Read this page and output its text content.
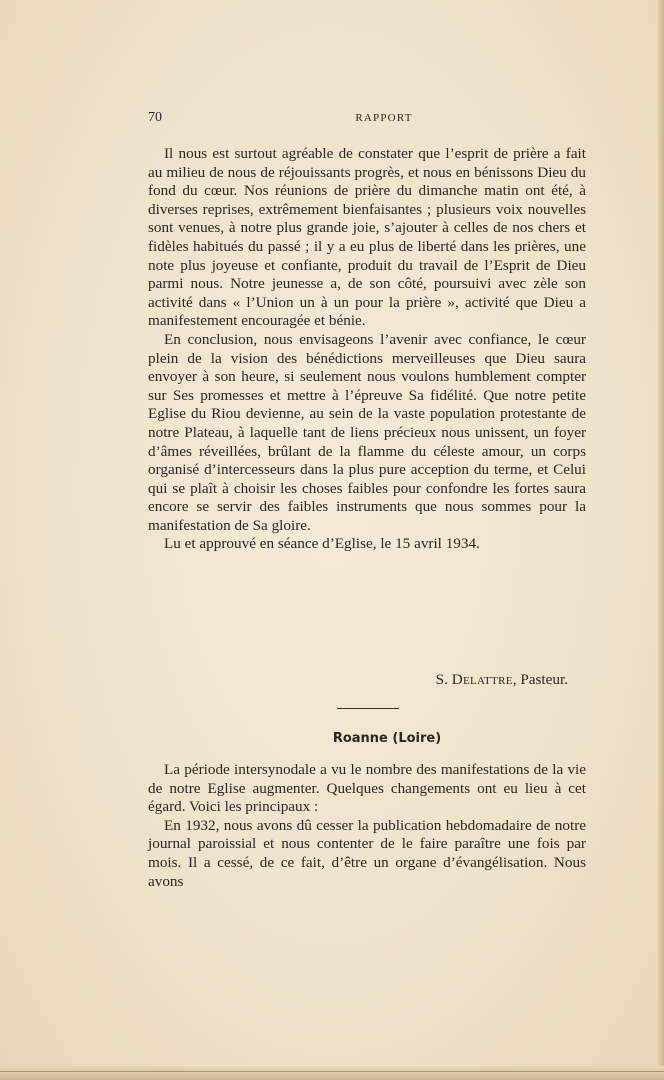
70	RAPPORT

Il nous est surtout agréable de constater que l’esprit de prière a fait au milieu de nous de réjouissants progrès, et nous en bénissons Dieu du fond du cœur. Nos réunions de prière du dimanche matin ont été, à diverses reprises, extrêmement bienfaisantes ; plusieurs voix nouvelles sont venues, à notre plus grande joie, s’ajouter à celles de nos chers et fidèles habitués du passé ; il y a eu plus de liberté dans les prières, une note plus joyeuse et confiante, produit du travail de l’Esprit de Dieu parmi nous. Notre jeunesse a, de son côté, poursuivi avec zèle son activité dans « l’Union un à un pour la prière », activité que Dieu a manifestement encouragée et bénie.

En conclusion, nous envisageons l’avenir avec confiance, le cœur plein de la vision des bénédictions merveilleuses que Dieu saura envoyer à son heure, si seulement nous voulons humblement compter sur Ses promesses et mettre à l’épreuve Sa fidélité. Que notre petite Eglise du Riou devienne, au sein de la vaste population protestante de notre Plateau, à laquelle tant de liens précieux nous unissent, un foyer d’âmes réveillées, brûlant de la flamme du céleste amour, un corps organisé d’intercesseurs dans la plus pure acception du terme, et Celui qui se plaît à choisir les choses faibles pour confondre les fortes saura encore se servir des faibles instruments que nous sommes pour la manifestation de Sa gloire.

Lu et approuvé en séance d’Eglise, le 15 avril 1934.

S. Delattre, Pasteur.
Roanne (Loire)

La période intersynodale a vu le nombre des manifestations de la vie de notre Eglise augmenter. Quelques changements ont eu lieu à cet égard. Voici les principaux :

En 1932, nous avons dû cesser la publication hebdomadaire de notre journal paroissial et nous contenter de le faire paraître une fois par mois. Il a cessé, de ce fait, d’être un organe d’évangélisation. Nous avons
